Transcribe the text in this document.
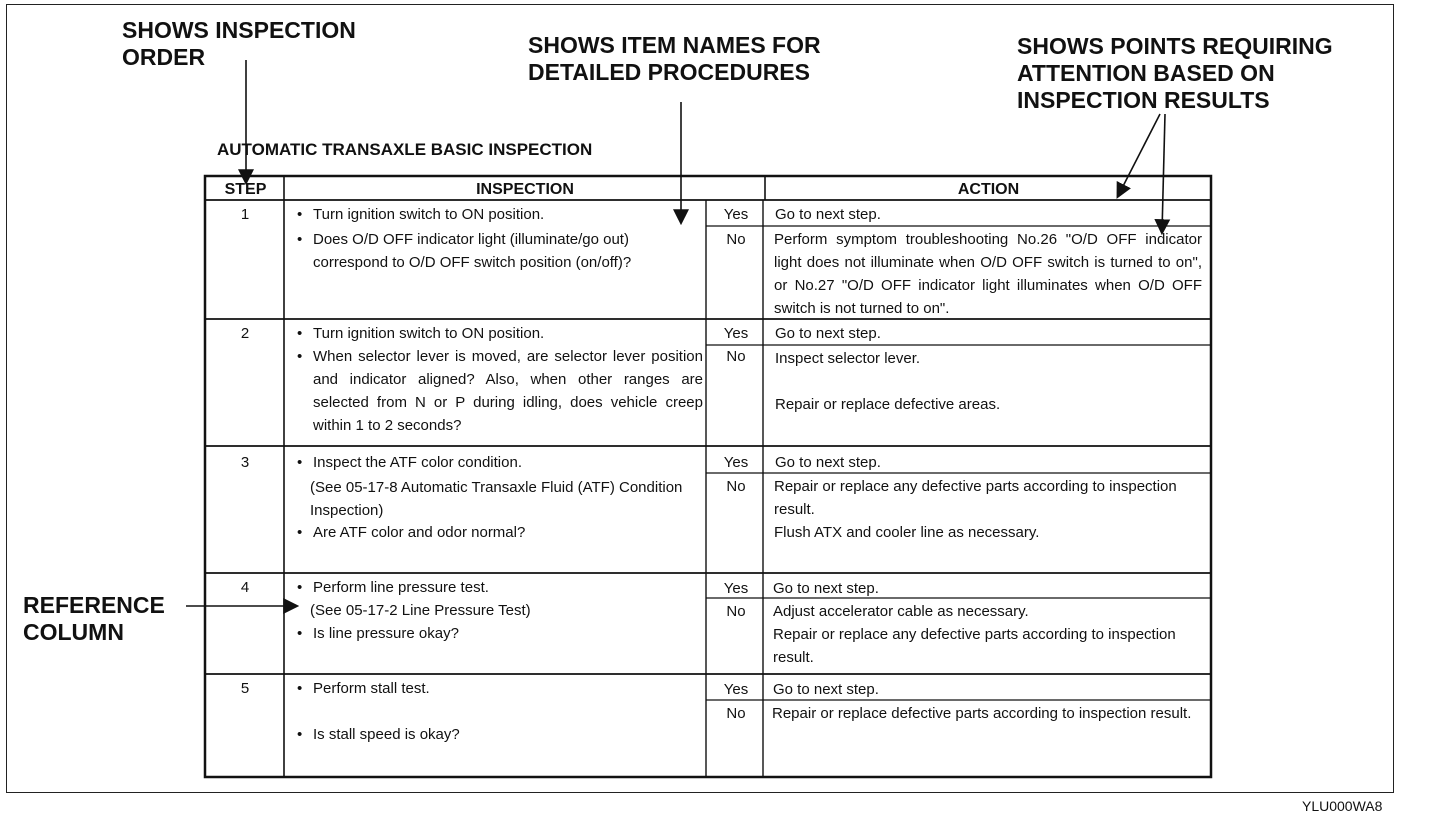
SHOWS INSPECTION
ORDER	SHOWS ITEM NAMES FOR
DETAILED PROCEDURES
SHOWS POINTS REQUIRING
ATTENTION BASED ON
INSPECTION RESULTS
REFERENCE
COLUMN
AUTOMATIC TRANSAXLE BASIC INSPECTION
STEP	INSPECTION	ACTION
1	• Turn ignition switch to ON position.
• Does O/D OFF indicator light (illuminate/go out) correspond to O/D OFF switch position (on/off)?
Yes	Go to next step.
No	Perform symptom troubleshooting No.26 "O/D OFF indicator light does not illuminate when O/D OFF switch is turned to on", or No.27 "O/D OFF indicator light illuminates when O/D OFF switch is not turned to on".
2	• Turn ignition switch to ON position.
• When selector lever is moved, are selector lever position and indicator aligned? Also, when other ranges are selected from N or P during idling, does vehicle creep within 1 to 2 seconds?
Yes	Go to next step.
No	Inspect selector lever.

Repair or replace defective areas.
3	• Inspect the ATF color condition.
(See 05-17-8 Automatic Transaxle Fluid (ATF) Condition Inspection)
• Are ATF color and odor normal?
Yes	Go to next step.
No	Repair or replace any defective parts according to inspection result.
Flush ATX and cooler line as necessary.
4	• Perform line pressure test.
(See 05-17-2 Line Pressure Test)
• Is line pressure okay?
Yes	Go to next step.
No	Adjust accelerator cable as necessary.
Repair or replace any defective parts according to inspection result.
5	• Perform stall test.
• Is stall speed is okay?
Yes	Go to next step.
No	Repair or replace defective parts according to inspection result.
YLU000WA8
